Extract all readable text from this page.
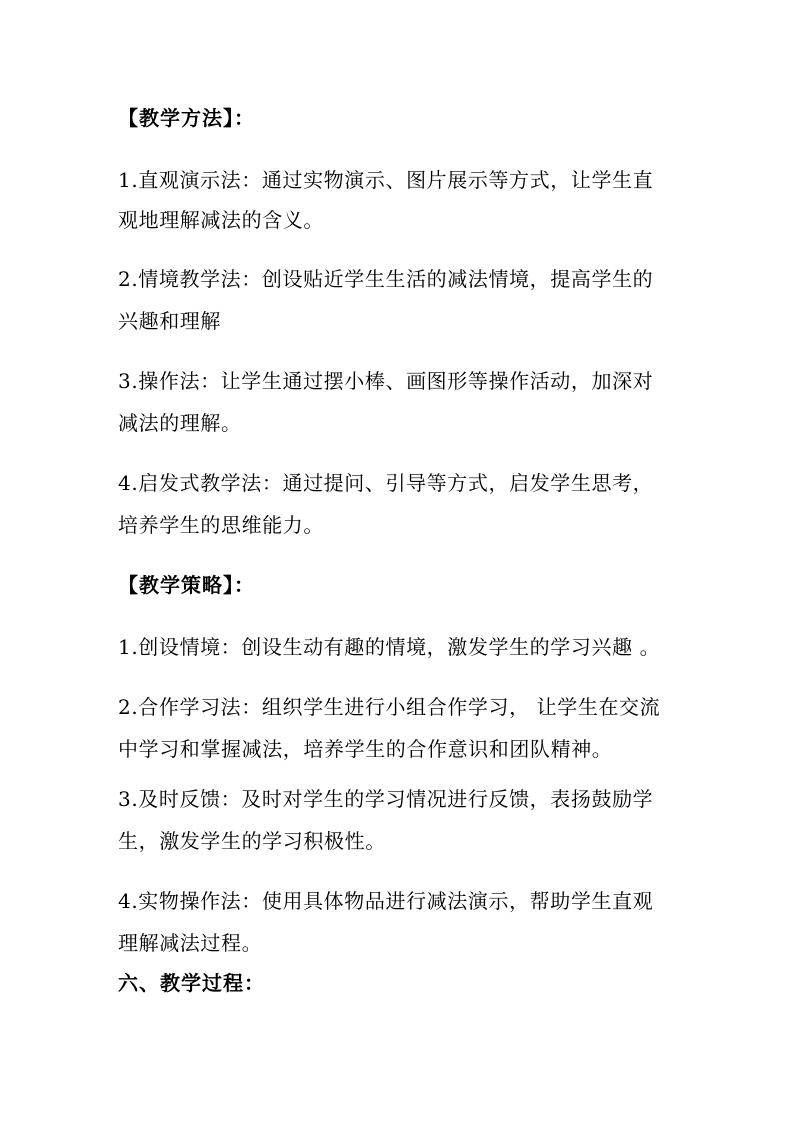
【教学方法】：

1.直观演示法：通过实物演示、图片展示等方式，让学生直

观地理解减法的含义。

2.情境教学法：创设贴近学生生活的减法情境，提高学生的

兴趣和理解

3.操作法：让学生通过摆小棒、画图形等操作活动，加深对

减法的理解。

4.启发式教学法：通过提问、引导等方式，启发学生思考，

培养学生的思维能力。

【教学策略】：

1.创设情境：创设生动有趣的情境，激发学生的学习兴趣 。

2.合作学习法：组织学生进行小组合作学习， 让学生在交流

中学习和掌握减法，培养学生的合作意识和团队精神。

3.及时反馈：及时对学生的学习情况进行反馈，表扬鼓励学

生，激发学生的学习积极性。

4.实物操作法：使用具体物品进行减法演示，帮助学生直观

理解减法过程。

六、教学过程：
